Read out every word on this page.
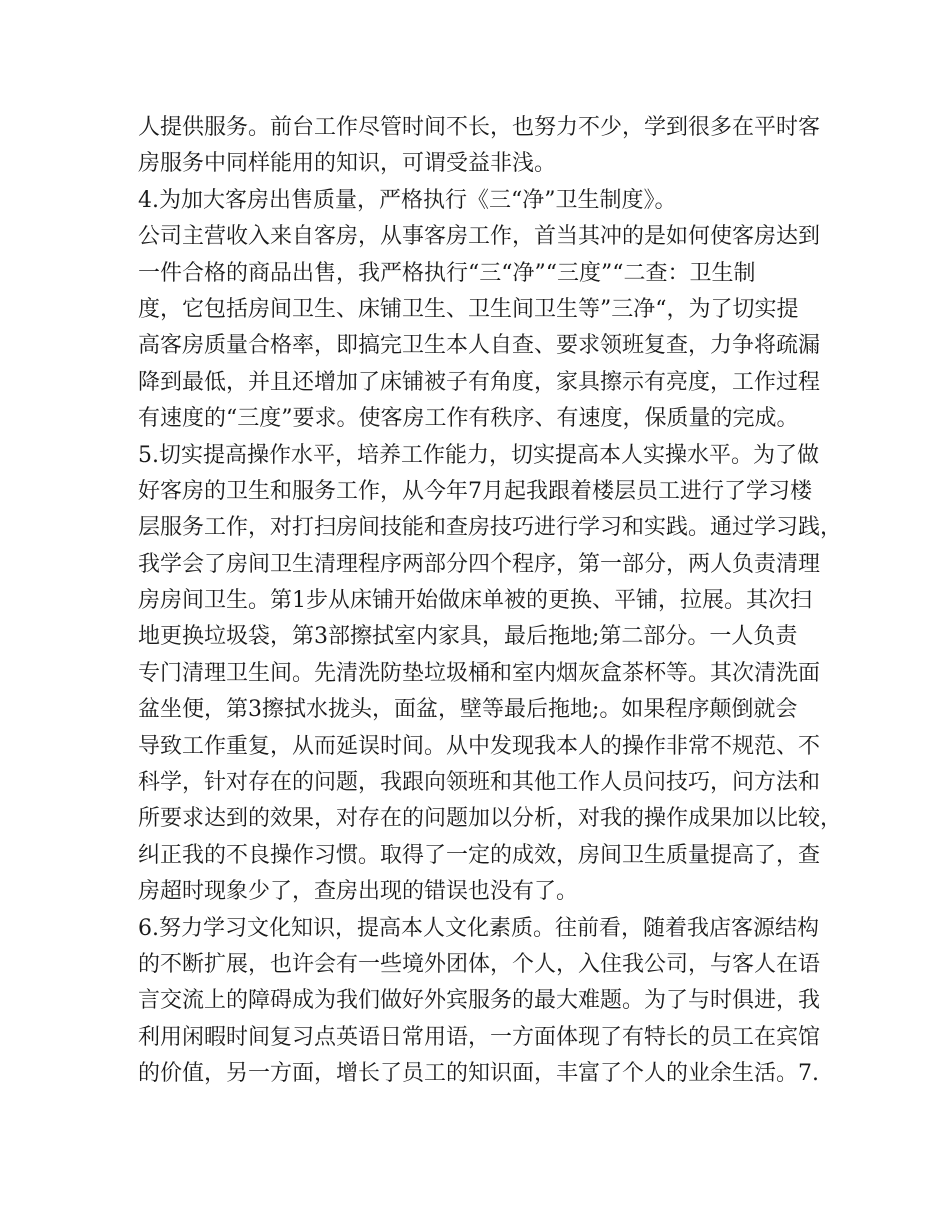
人提供服务。前台工作尽管时间不长，也努力不少，学到很多在平时客
房服务中同样能用的知识，可谓受益非浅。
4.为加大客房出售质量，严格执行《三“净”卫生制度》。
公司主营收入来自客房，从事客房工作，首当其冲的是如何使客房达到
一件合格的商品出售，我严格执行“三“净”“三度”“二查：卫生制
度，它包括房间卫生、床铺卫生、卫生间卫生等”三净“，为了切实提
高客房质量合格率，即搞完卫生本人自查、要求领班复查，力争将疏漏
降到最低，并且还增加了床铺被子有角度，家具擦示有亮度，工作过程
有速度的“三度”要求。使客房工作有秩序、有速度，保质量的完成。
5.切实提高操作水平，培养工作能力，切实提高本人实操水平。为了做
好客房的卫生和服务工作，从今年7月起我跟着楼层员工进行了学习楼
层服务工作，对打扫房间技能和查房技巧进行学习和实践。通过学习践，
我学会了房间卫生清理程序两部分四个程序，第一部分，两人负责清理
房房间卫生。第1步从床铺开始做床单被的更换、平铺，拉展。其次扫
地更换垃圾袋，第3部擦拭室内家具，最后拖地;第二部分。一人负责
专门清理卫生间。先清洗防垫垃圾桶和室内烟灰盒茶杯等。其次清洗面
盆坐便，第3擦拭水拢头，面盆，壁等最后拖地;。如果程序颠倒就会
导致工作重复，从而延误时间。从中发现我本人的操作非常不规范、不
科学，针对存在的问题，我跟向领班和其他工作人员问技巧，问方法和
所要求达到的效果，对存在的问题加以分析，对我的操作成果加以比较，
纠正我的不良操作习惯。取得了一定的成效，房间卫生质量提高了，查
房超时现象少了，查房出现的错误也没有了。
6.努力学习文化知识，提高本人文化素质。往前看，随着我店客源结构
的不断扩展，也许会有一些境外团体，个人，入住我公司，与客人在语
言交流上的障碍成为我们做好外宾服务的最大难题。为了与时俱进，我
利用闲暇时间复习点英语日常用语，一方面体现了有特长的员工在宾馆
的价值，另一方面，增长了员工的知识面，丰富了个人的业余生活。7.
